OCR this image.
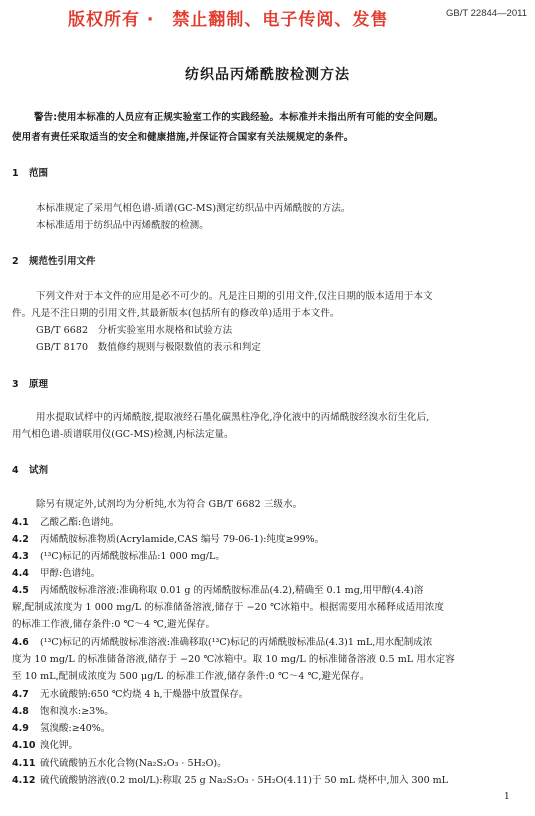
版权所有 ·　禁止翻制、电子传阅、发售	GB/T 22844—2011
纺织品丙烯酰胺检测方法
警告:使用本标准的人员应有正规实验室工作的实践经验。本标准并未指出所有可能的安全问题。
使用者有责任采取适当的安全和健康措施,并保证符合国家有关法规规定的条件。
1 范围
本标准规定了采用气相色谱-质谱(GC-MS)测定纺织品中丙烯酰胺的方法。
本标准适用于纺织品中丙烯酰胺的检测。
2 规范性引用文件
下列文件对于本文件的应用是必不可少的。凡是注日期的引用文件,仅注日期的版本适用于本文
件。凡是不注日期的引用文件,其最新版本(包括所有的修改单)适用于本文件。
GB/T 6682　分析实验室用水规格和试验方法
GB/T 8170　数值修约规则与极限数值的表示和判定
3 原理
用水提取试样中的丙烯酰胺,提取液经石墨化碳黑柱净化,净化液中的丙烯酰胺经溴水衍生化后,
用气相色谱-质谱联用仪(GC-MS)检测,内标法定量。
4 试剂
除另有规定外,试剂均为分析纯,水为符合 GB/T 6682 三级水。
4.1 乙酸乙酯:色谱纯。
4.2 丙烯酰胺标准物质(Acrylamide,CAS 编号 79-06-1):纯度≥99%。
4.3 (¹³C)标记的丙烯酰胺标准品:1 000 mg/L。
4.4 甲醇:色谱纯。
4.5 丙烯酰胺标准溶液:准确称取 0.01 g 的丙烯酰胺标准品(4.2),精确至 0.1 mg,用甲醇(4.4)溶
解,配制成浓度为 1 000 mg/L 的标准储备溶液,储存于 −20 ℃冰箱中。根据需要用水稀释成适用浓度
的标准工作液,储存条件:0 ℃～4 ℃,避光保存。
4.6 (¹³C)标记的丙烯酰胺标准溶液:准确移取(¹³C)标记的丙烯酰胺标准品(4.3)1 mL,用水配制成浓
度为 10 mg/L 的标准储备溶液,储存于 −20 ℃冰箱中。取 10 mg/L 的标准储备溶液 0.5 mL 用水定容
至 10 mL,配制成浓度为 500 μg/L 的标准工作液,储存条件:0 ℃～4 ℃,避光保存。
4.7 无水硫酸钠:650 ℃灼烧 4 h,干燥器中放置保存。
4.8 饱和溴水:≥3%。
4.9 氢溴酸:≥40%。
4.10 溴化钾。
4.11 硫代硫酸钠五水化合物(Na₂S₂O₃ · 5H₂O)。
4.12 硫代硫酸钠溶液(0.2 mol/L):称取 25 g Na₂S₂O₃ · 5H₂O(4.11)于 50 mL 烧杯中,加入 300 mL
1
